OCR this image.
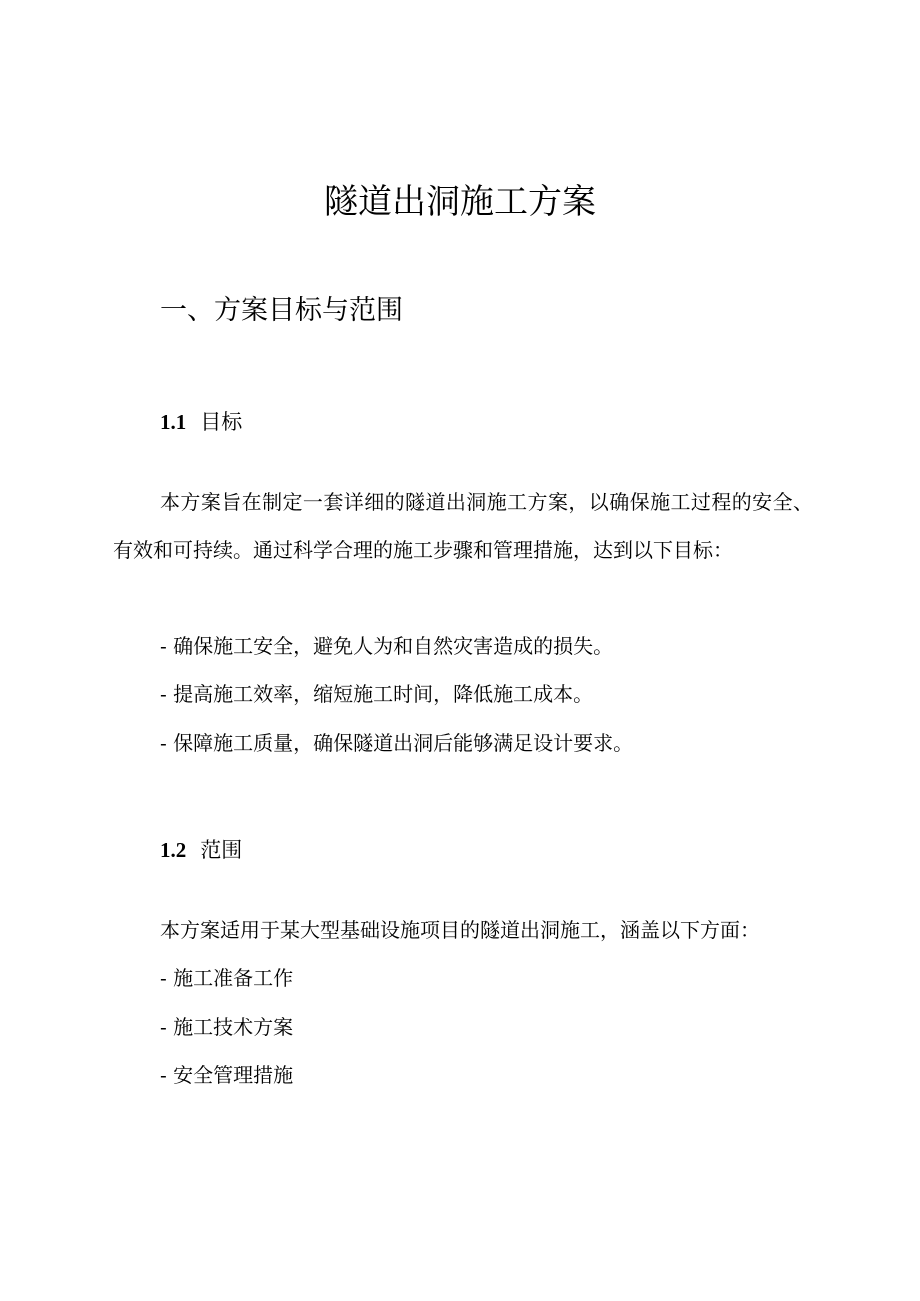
隧道出洞施工方案
一、方案目标与范围
1.1 目标

本方案旨在制定一套详细的隧道出洞施工方案，以确保施工过程的安全、有效和可持续。通过科学合理的施工步骤和管理措施，达到以下目标：

- 确保施工安全，避免人为和自然灾害造成的损失。
- 提高施工效率，缩短施工时间，降低施工成本。
- 保障施工质量，确保隧道出洞后能够满足设计要求。
1.2 范围
本方案适用于某大型基础设施项目的隧道出洞施工，涵盖以下方面：
- 施工准备工作
- 施工技术方案
- 安全管理措施
